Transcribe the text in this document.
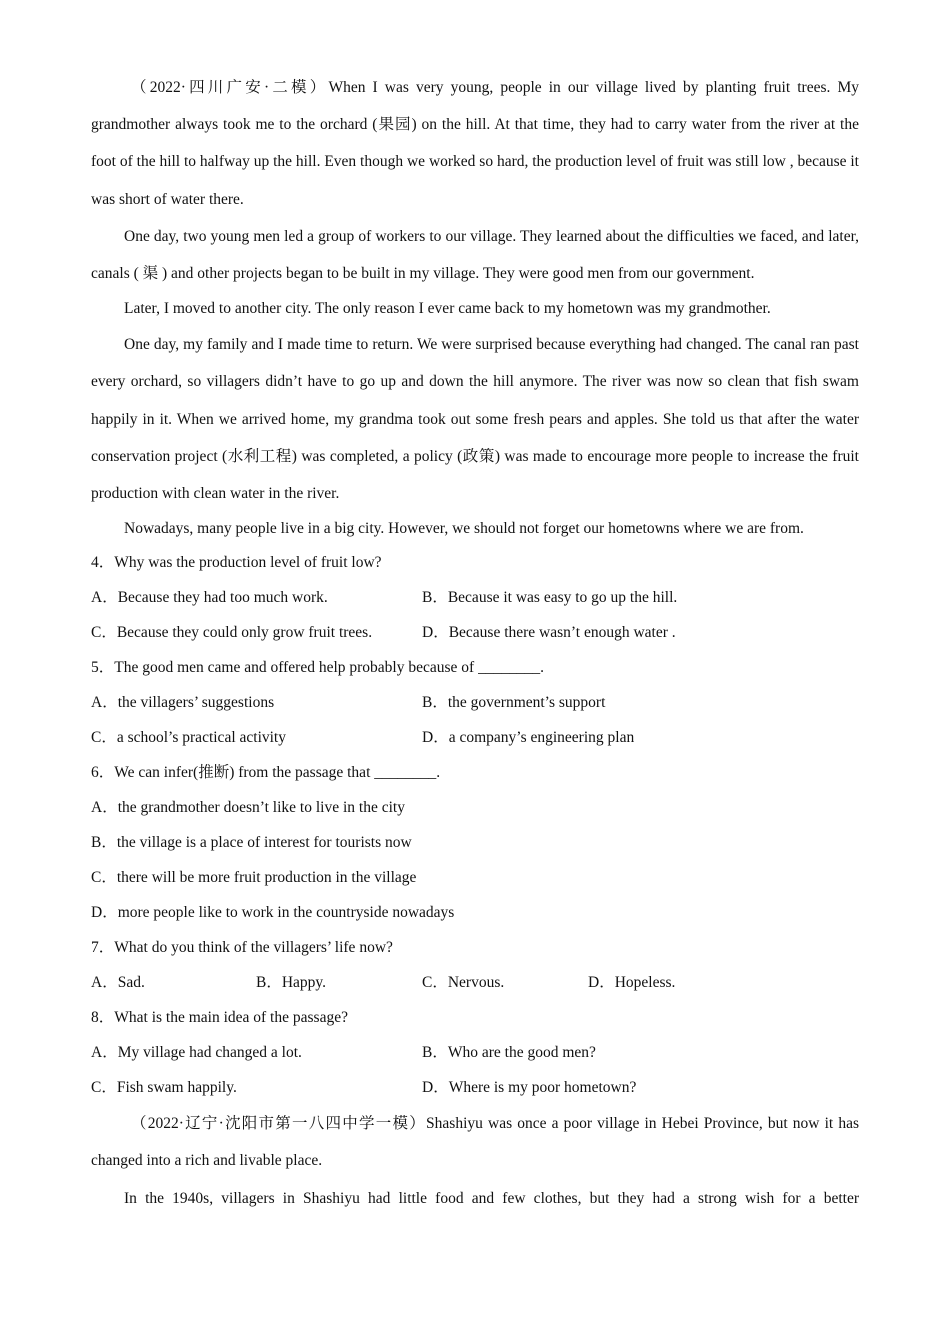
（2022·四川广安·二模）When I was very young, people in our village lived by planting fruit trees. My grandmother always took me to the orchard (果园) on the hill. At that time, they had to carry water from the river at the foot of the hill to halfway up the hill. Even though we worked so hard, the production level of fruit was still low , because it was short of water there.

One day, two young men led a group of workers to our village. They learned about the difficulties we faced, and later, canals ( 渠 ) and other projects began to be built in my village. They were good men from our government.

Later, I moved to another city. The only reason I ever came back to my hometown was my grandmother.

One day, my family and I made time to return. We were surprised because everything had changed. The canal ran past every orchard, so villagers didn’t have to go up and down the hill anymore. The river was now so clean that fish swam happily in it. When we arrived home, my grandma took out some fresh pears and apples. She told us that after the water conservation project (水利工程) was completed, a policy (政策) was made to encourage more people to increase the fruit production with clean water in the river.

Nowadays, many people live in a big city. However, we should not forget our hometowns where we are from.

4．Why was the production level of fruit low?
A．Because they had too much work.	B．Because it was easy to go up the hill.
C．Because they could only grow fruit trees.	D．Because there wasn’t enough water .
5．The good men came and offered help probably because of ________.
A．the villagers’ suggestions	B．the government’s support
C．a school’s practical activity	D．a company’s engineering plan
6．We can infer(推断) from the passage that ________.
A．the grandmother doesn’t like to live in the city
B．the village is a place of interest for tourists now
C．there will be more fruit production in the village
D．more people like to work in the countryside nowadays
7．What do you think of the villagers’ life now?
A．Sad.	B．Happy.	C．Nervous.	D．Hopeless.
8．What is the main idea of the passage?
A．My village had changed a lot.	B．Who are the good men?
C．Fish swam happily.	D．Where is my poor hometown?

（2022·辽宁·沈阳市第一八四中学一模）Shashiyu was once a poor village in Hebei Province, but now it has changed into a rich and livable place.

In the 1940s, villagers in Shashiyu had little food and few clothes, but they had a strong wish for a better
